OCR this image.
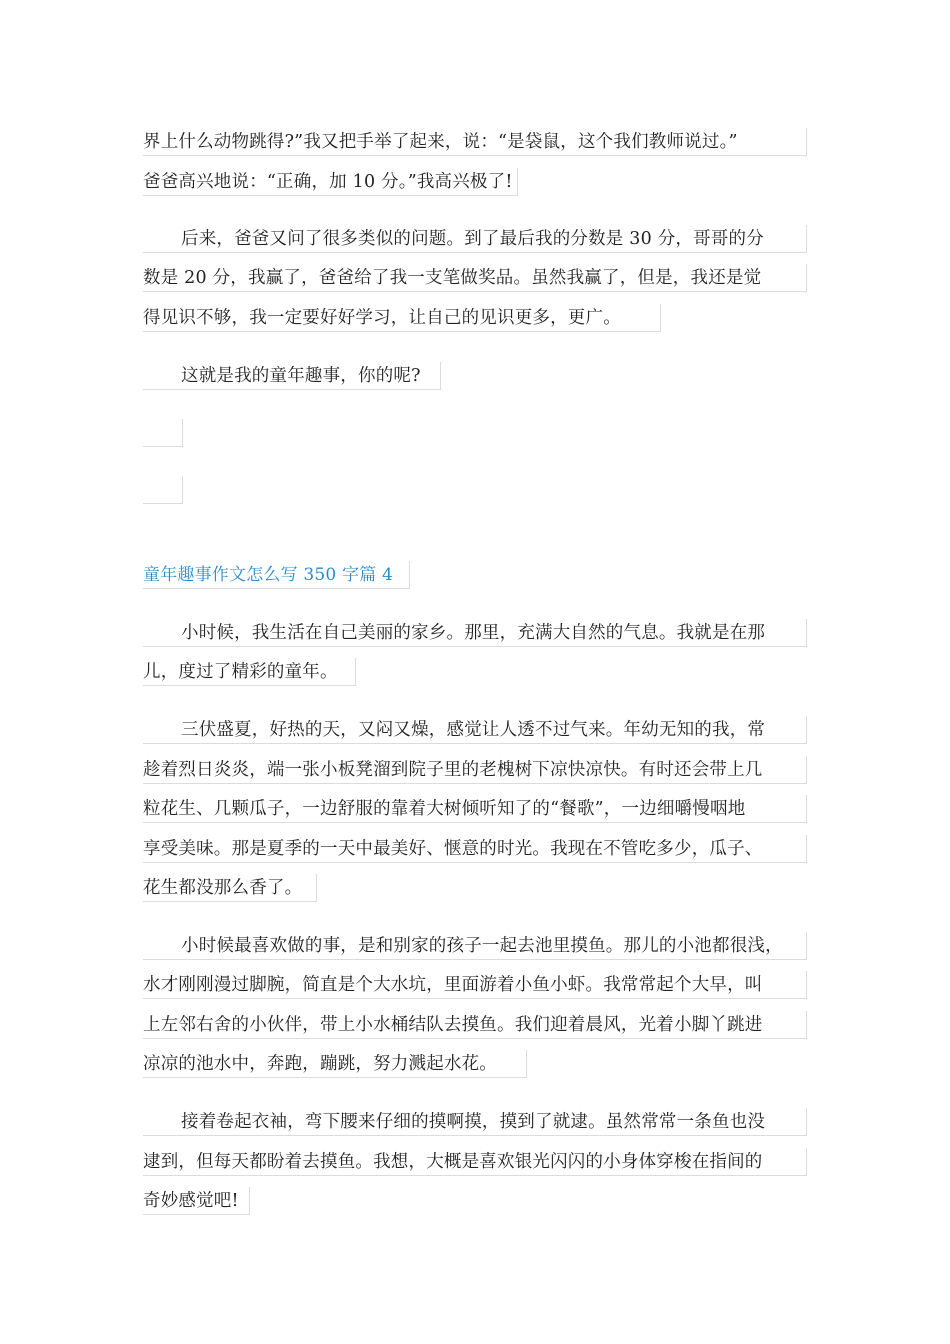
界上什么动物跳得?”我又把手举了起来，说：“是袋鼠，这个我们教师说过。”
爸爸高兴地说：“正确，加 10 分。”我高兴极了!
后来，爸爸又问了很多类似的问题。到了最后我的分数是 30 分，哥哥的分
数是 20 分，我赢了，爸爸给了我一支笔做奖品。虽然我赢了，但是，我还是觉
得见识不够，我一定要好好学习，让自己的见识更多，更广。
这就是我的童年趣事，你的呢?
童年趣事作文怎么写 350 字篇 4
小时候，我生活在自己美丽的家乡。那里，充满大自然的气息。我就是在那
儿，度过了精彩的童年。
三伏盛夏，好热的天，又闷又燥，感觉让人透不过气来。年幼无知的我，常
趁着烈日炎炎，端一张小板凳溜到院子里的老槐树下凉快凉快。有时还会带上几
粒花生、几颗瓜子，一边舒服的靠着大树倾听知了的“餐歌”，一边细嚼慢咽地
享受美味。那是夏季的一天中最美好、惬意的时光。我现在不管吃多少，瓜子、
花生都没那么香了。
小时候最喜欢做的事，是和别家的孩子一起去池里摸鱼。那儿的小池都很浅，
水才刚刚漫过脚腕，简直是个大水坑，里面游着小鱼小虾。我常常起个大早，叫
上左邻右舍的小伙伴，带上小水桶结队去摸鱼。我们迎着晨风，光着小脚丫跳进
凉凉的池水中，奔跑，蹦跳，努力溅起水花。
接着卷起衣袖，弯下腰来仔细的摸啊摸，摸到了就逮。虽然常常一条鱼也没
逮到，但每天都盼着去摸鱼。我想，大概是喜欢银光闪闪的小身体穿梭在指间的
奇妙感觉吧!
